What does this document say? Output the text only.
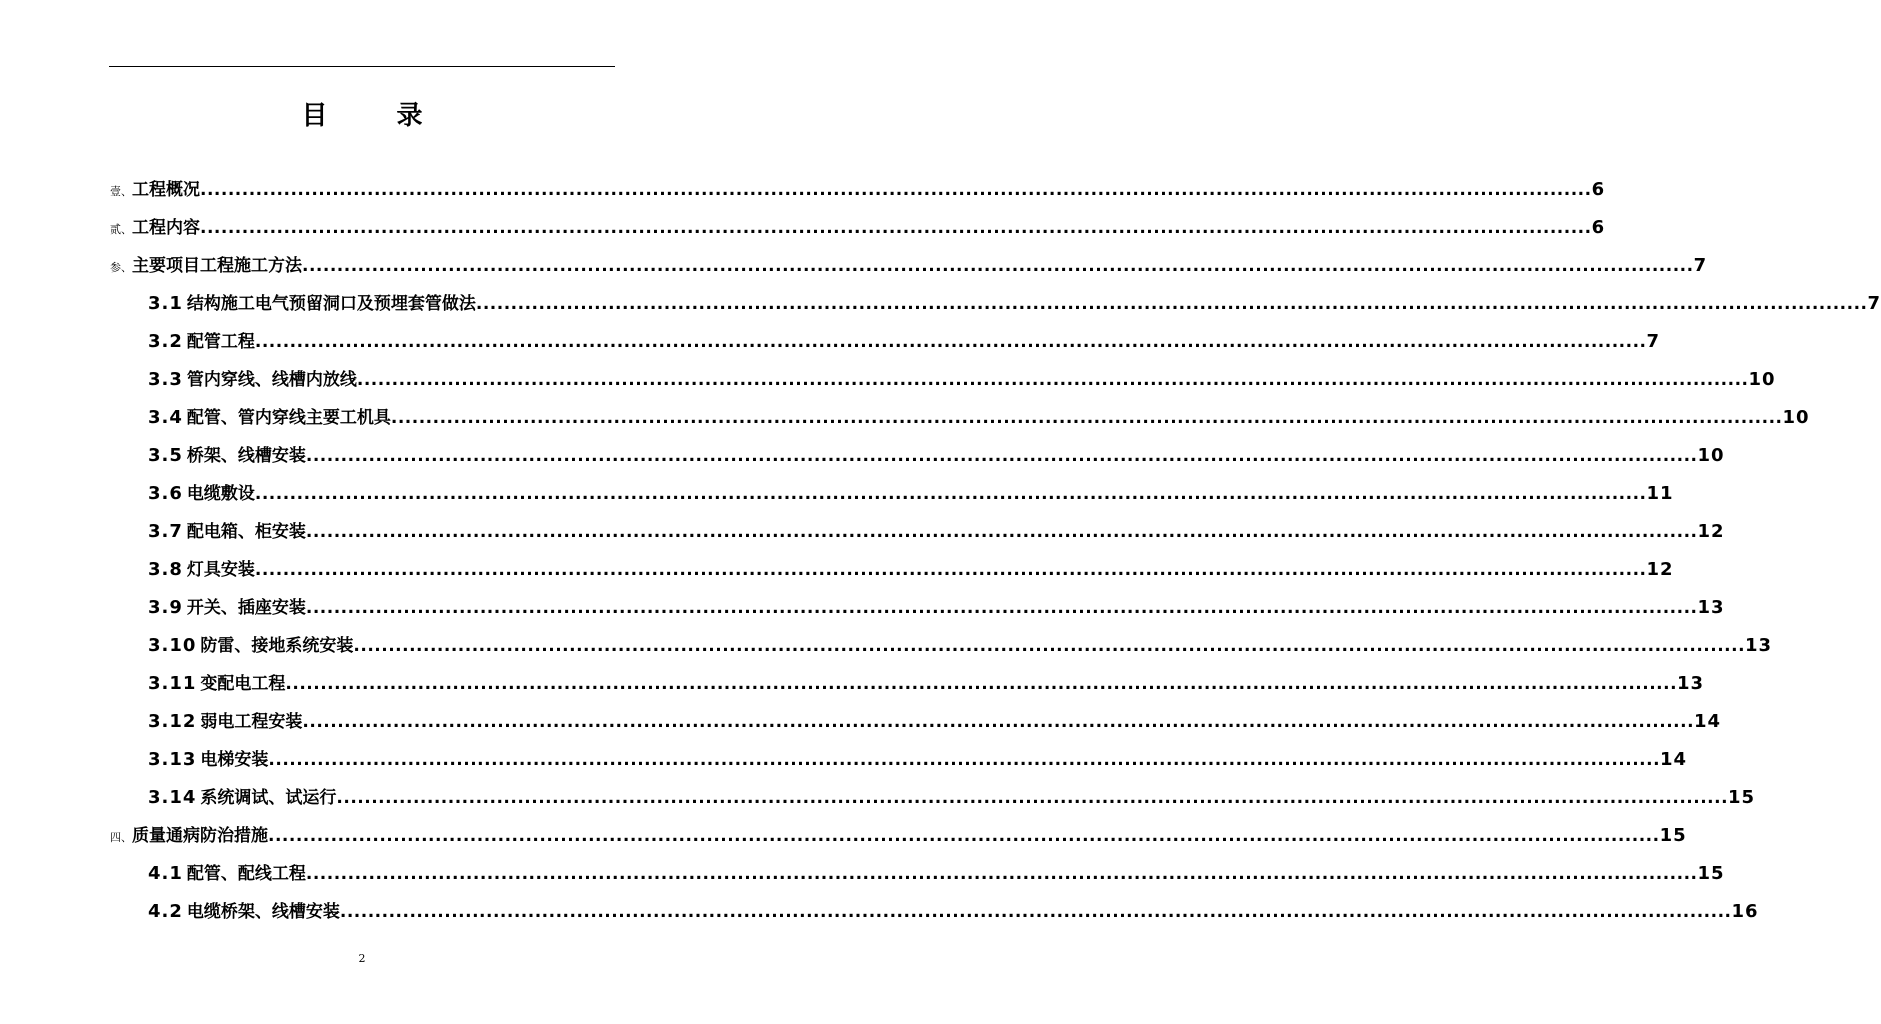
目 录
壹、 工程概况 ........................................................................................................................................................................................................ 6
贰、 工程内容 ........................................................................................................................................................................................................ 6
参、 主要项目工程施工方法 ........................................................................................................................................................................................................ 7
3.1 结构施工电气预留洞口及预埋套管做法 ........................................................................................................................................................................................................ 7
3.2 配管工程 ........................................................................................................................................................................................................ 7
3.3 管内穿线、线槽内放线 ........................................................................................................................................................................................................ 10
3.4 配管、管内穿线主要工机具 ........................................................................................................................................................................................................ 10
3.5 桥架、线槽安装 ........................................................................................................................................................................................................ 10
3.6 电缆敷设 ........................................................................................................................................................................................................ 11
3.7 配电箱、柜安装 ........................................................................................................................................................................................................ 12
3.8 灯具安装 ........................................................................................................................................................................................................ 12
3.9 开关、插座安装 ........................................................................................................................................................................................................ 13
3.10 防雷、接地系统安装 ........................................................................................................................................................................................................ 13
3.11 变配电工程 ........................................................................................................................................................................................................ 13
3.12 弱电工程安装 ........................................................................................................................................................................................................ 14
3.13 电梯安装 ........................................................................................................................................................................................................ 14
3.14 系统调试、试运行 ........................................................................................................................................................................................................ 15
四、 质量通病防治措施 ........................................................................................................................................................................................................ 15
4.1 配管、配线工程 ........................................................................................................................................................................................................ 15
4.2 电缆桥架、线槽安装 ........................................................................................................................................................................................................ 16
2
